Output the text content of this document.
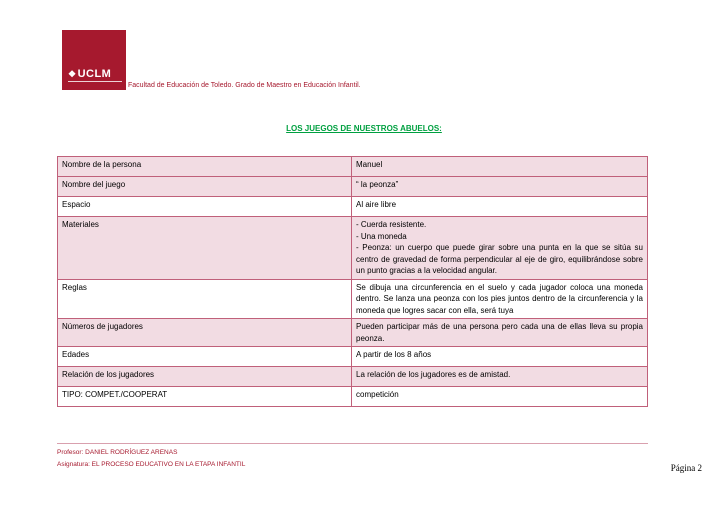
❖UCLM
Facultad de Educación de Toledo. Grado de Maestro en Educación Infantil.
LOS JUEGOS DE NUESTROS ABUELOS:
Nombre de la persona	Manuel

Nombre del juego	“ la peonza”

Espacio	Al aire libre

Materiales	- Cuerda resistente.
- Una moneda
- Peonza: un cuerpo que puede girar sobre una punta en la que se sitúa su centro de gravedad de forma perpendicular al eje de giro, equilibrándose sobre un punto gracias a la velocidad angular.

Reglas	Se dibuja una circunferencia en el suelo y cada jugador coloca una moneda dentro. Se lanza una peonza con los pies juntos dentro de la circunferencia y la moneda que logres sacar con ella, será tuya

Números de jugadores	Pueden participar más de una persona pero cada una de ellas lleva su propia peonza.

Edades	A partir de los 8 años

Relación de los jugadores	La relación de los jugadores es de amistad.

TIPO: COMPET./COOPERAT	competición
Profesor: DANIEL RODRÍGUEZ ARENAS
Asignatura: EL PROCESO EDUCATIVO EN LA ETAPA INFANTIL	Página 2
